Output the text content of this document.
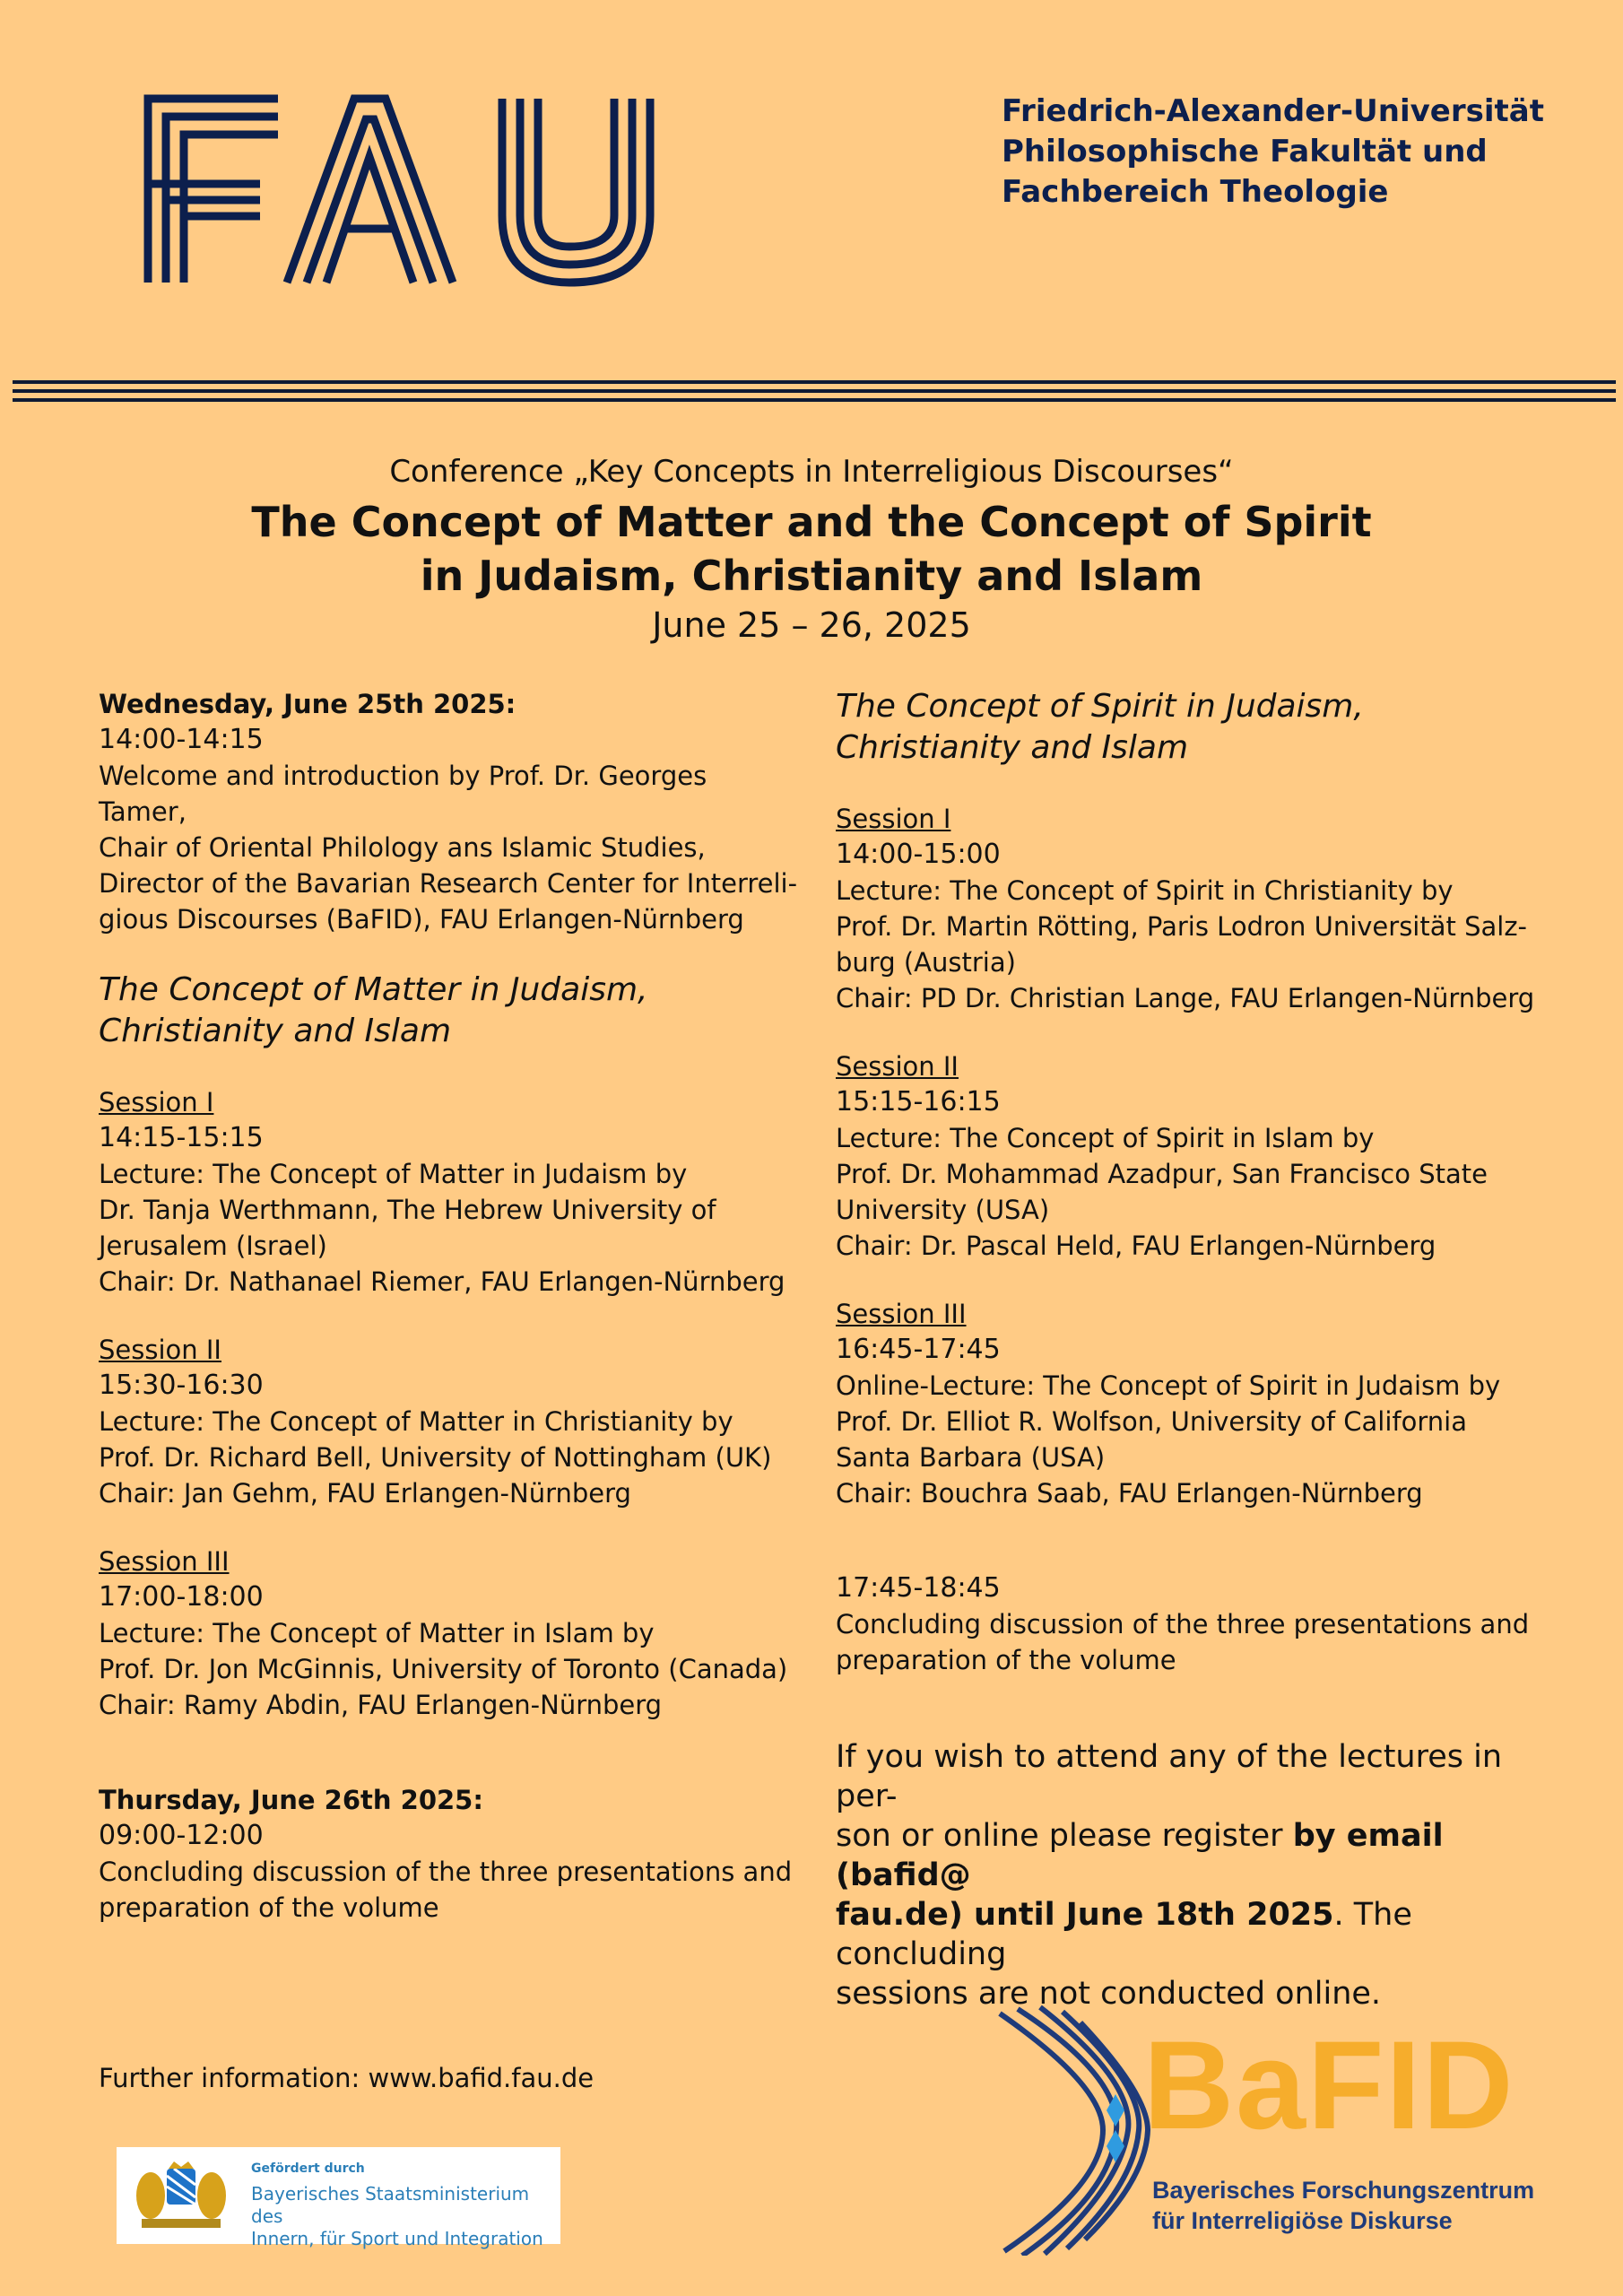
Friedrich-Alexander-Universität
Philosophische Fakultät und
Fachbereich Theologie

Conference „Key Concepts in Interreligious Discourses“

The Concept of Matter and the Concept of Spirit
in Judaism, Christianity and Islam

June 25 – 26, 2025

Wednesday, June 25th 2025:

14:00-14:15

Welcome and introduction by Prof. Dr. Georges

Tamer,

Chair of Oriental Philology ans Islamic Studies,

Director of the Bavarian Research Center for Interreli-

gious Discourses (BaFID), FAU Erlangen-Nürnberg

The Concept of Matter in Judaism,
Christianity and Islam

Session I

14:15-15:15

Lecture: The Concept of Matter in Judaism by

Dr. Tanja Werthmann, The Hebrew University of

Jerusalem (Israel)

Chair: Dr. Nathanael Riemer, FAU Erlangen-Nürnberg

Session II

15:30-16:30

Lecture: The Concept of Matter in Christianity by

Prof. Dr. Richard Bell, University of Nottingham (UK)

Chair: Jan Gehm, FAU Erlangen-Nürnberg

Session III

17:00-18:00

Lecture: The Concept of Matter in Islam by

Prof. Dr. Jon McGinnis, University of Toronto (Canada)

Chair: Ramy Abdin, FAU Erlangen-Nürnberg

Thursday, June 26th 2025:

09:00-12:00

Concluding discussion of the three presentations and

preparation of the volume

The Concept of Spirit in Judaism,
Christianity and Islam

Session I

14:00-15:00

Lecture: The Concept of Spirit in Christianity by

Prof. Dr. Martin Rötting, Paris Lodron Universität Salz-

burg (Austria)

Chair: PD Dr. Christian Lange, FAU Erlangen-Nürnberg

Session II

15:15-16:15

Lecture: The Concept of Spirit in Islam by

Prof. Dr. Mohammad Azadpur, San Francisco State

University (USA)

Chair: Dr. Pascal Held, FAU Erlangen-Nürnberg

Session III

16:45-17:45

Online-Lecture: The Concept of Spirit in Judaism by

Prof. Dr. Elliot R. Wolfson, University of California

Santa Barbara (USA)

Chair: Bouchra Saab, FAU Erlangen-Nürnberg

17:45-18:45

Concluding discussion of the three presentations and

preparation of the volume

If you wish to attend any of the lectures in per-
son or online please register by email (bafid@
fau.de) until June 18th 2025. The concluding
sessions are not conducted online.

Further information: www.bafid.fau.de

Gefördert durch
Bayerisches Staatsministerium des
Innern, für Sport und Integration
BaFID
Bayerisches Forschungszentrum
für Interreligiöse Diskurse
